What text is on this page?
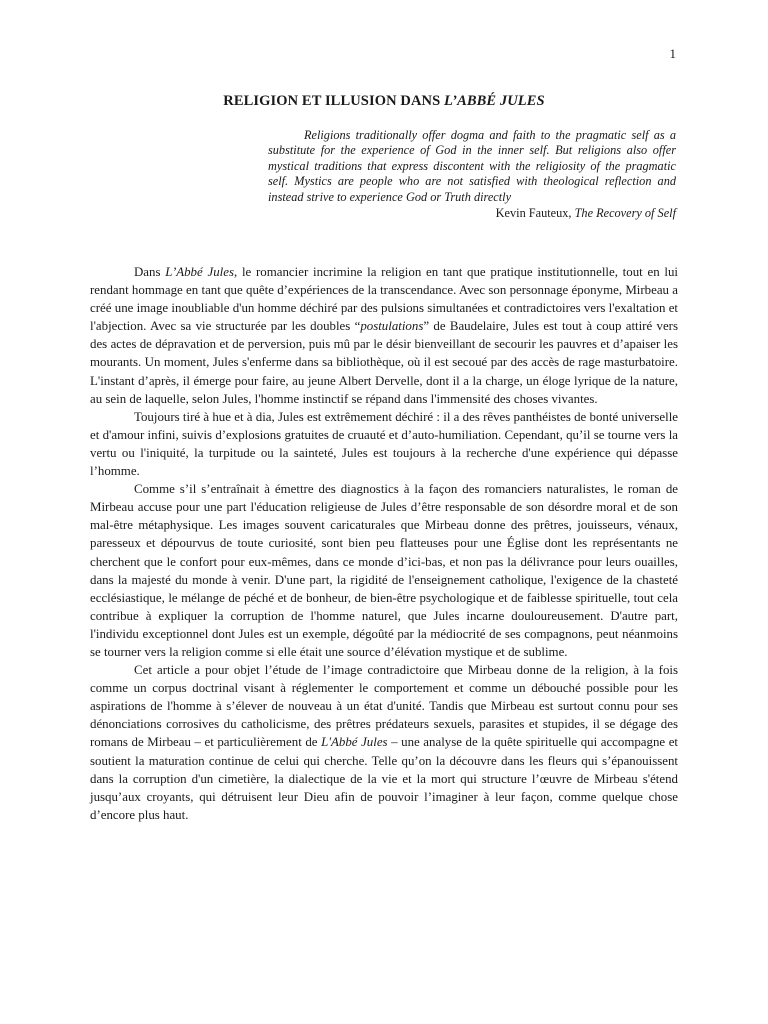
1
RELIGION ET ILLUSION DANS L’ABBÉ JULES

Religions traditionally offer dogma and faith to the pragmatic self as a substitute for the experience of God in the inner self. But religions also offer mystical traditions that express discontent with the religiosity of the pragmatic self. Mystics are people who are not satisfied with theological reflection and instead strive to experience God or Truth directly

Kevin Fauteux, The Recovery of Self

Dans L’Abbé Jules, le romancier incrimine la religion en tant que pratique institutionnelle, tout en lui rendant hommage en tant que quête d’expériences de la transcendance. Avec son personnage éponyme, Mirbeau a créé une image inoubliable d'un homme déchiré par des pulsions simultanées et contradictoires vers l'exaltation et l'abjection. Avec sa vie structurée par les doubles “postulations” de Baudelaire, Jules est tout à coup attiré vers des actes de dépravation et de perversion, puis mû par le désir bienveillant de secourir les pauvres et d’apaiser les mourants. Un moment, Jules s'enferme dans sa bibliothèque, où il est secoué par des accès de rage masturbatoire. L'instant d’après, il émerge pour faire, au jeune Albert Dervelle, dont il a la charge, un éloge lyrique de la nature, au sein de laquelle, selon Jules, l'homme instinctif se répand dans l'immensité des choses vivantes.

Toujours tiré à hue et à dia, Jules est extrêmement déchiré : il a des rêves panthéistes de bonté universelle et d'amour infini, suivis d’explosions gratuites de cruauté et d’auto-humiliation. Cependant, qu’il se tourne vers la vertu ou l'iniquité, la turpitude ou la sainteté, Jules est toujours à la recherche d'une expérience qui dépasse l’homme.

Comme s’il s’entraînait à émettre des diagnostics à la façon des romanciers naturalistes, le roman de Mirbeau accuse pour une part l'éducation religieuse de Jules d’être responsable de son désordre moral et de son mal-être métaphysique. Les images souvent caricaturales que Mirbeau donne des prêtres, jouisseurs, vénaux, paresseux et dépourvus de toute curiosité, sont bien peu flatteuses pour une Église dont les représentants ne cherchent que le confort pour eux-mêmes, dans ce monde d’ici-bas, et non pas la délivrance pour leurs ouailles, dans la majesté du monde à venir. D'une part, la rigidité de l'enseignement catholique, l'exigence de la chasteté ecclésiastique, le mélange de péché et de bonheur, de bien-être psychologique et de faiblesse spirituelle, tout cela contribue à expliquer la corruption de l'homme naturel, que Jules incarne douloureusement. D'autre part, l'individu exceptionnel dont Jules est un exemple, dégoûté par la médiocrité de ses compagnons, peut néanmoins se tourner vers la religion comme si elle était une source d’élévation mystique et de sublime.

Cet article a pour objet l’étude de l’image contradictoire que Mirbeau donne de la religion, à la fois comme un corpus doctrinal visant à réglementer le comportement et comme un débouché possible pour les aspirations de l'homme à s’élever de nouveau à un état d'unité. Tandis que Mirbeau est surtout connu pour ses dénonciations corrosives du catholicisme, des prêtres prédateurs sexuels, parasites et stupides, il se dégage des romans de Mirbeau – et particulièrement de L'Abbé Jules – une analyse de la quête spirituelle qui accompagne et soutient la maturation continue de celui qui cherche. Telle qu’on la découvre dans les fleurs qui s’épanouissent dans la corruption d'un cimetière, la dialectique de la vie et la mort qui structure l’œuvre de Mirbeau s'étend jusqu’aux croyants, qui détruisent leur Dieu afin de pouvoir l’imaginer à leur façon, comme quelque chose d’encore plus haut.
